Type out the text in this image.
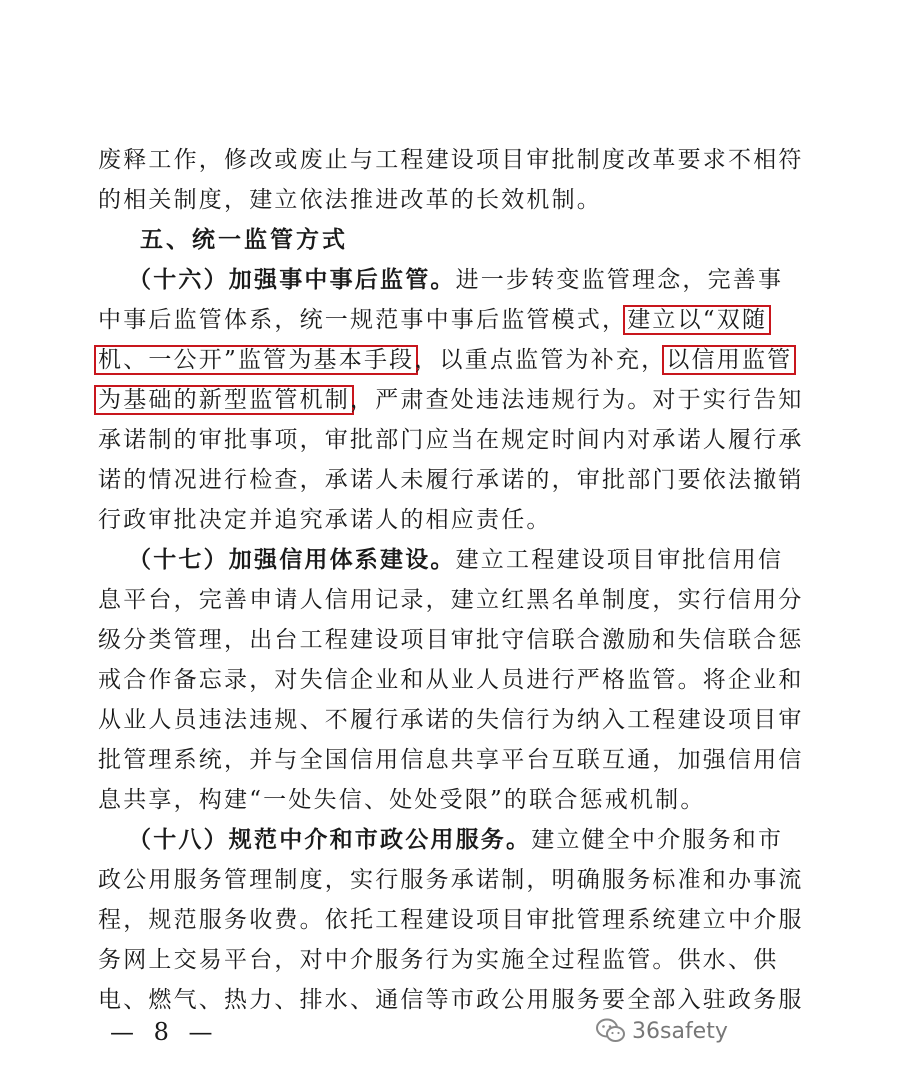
废释工作，修改或废止与工程建设项目审批制度改革要求不相符
的相关制度，建立依法推进改革的长效机制。
五、统一监管方式
（十六）加强事中事后监管。进一步转变监管理念，完善事
中事后监管体系，统一规范事中事后监管模式，建立以“双随
机、一公开”监管为基本手段，以重点监管为补充，以信用监管
为基础的新型监管机制，严肃查处违法违规行为。对于实行告知
承诺制的审批事项，审批部门应当在规定时间内对承诺人履行承
诺的情况进行检查，承诺人未履行承诺的，审批部门要依法撤销
行政审批决定并追究承诺人的相应责任。
（十七）加强信用体系建设。建立工程建设项目审批信用信
息平台，完善申请人信用记录，建立红黑名单制度，实行信用分
级分类管理，出台工程建设项目审批守信联合激励和失信联合惩
戒合作备忘录，对失信企业和从业人员进行严格监管。将企业和
从业人员违法违规、不履行承诺的失信行为纳入工程建设项目审
批管理系统，并与全国信用信息共享平台互联互通，加强信用信
息共享，构建“一处失信、处处受限”的联合惩戒机制。
（十八）规范中介和市政公用服务。建立健全中介服务和市
政公用服务管理制度，实行服务承诺制，明确服务标准和办事流
程，规范服务收费。依托工程建设项目审批管理系统建立中介服
务网上交易平台，对中介服务行为实施全过程监管。供水、供
电、燃气、热力、排水、通信等市政公用服务要全部入驻政务服
— 8 —	36safety
